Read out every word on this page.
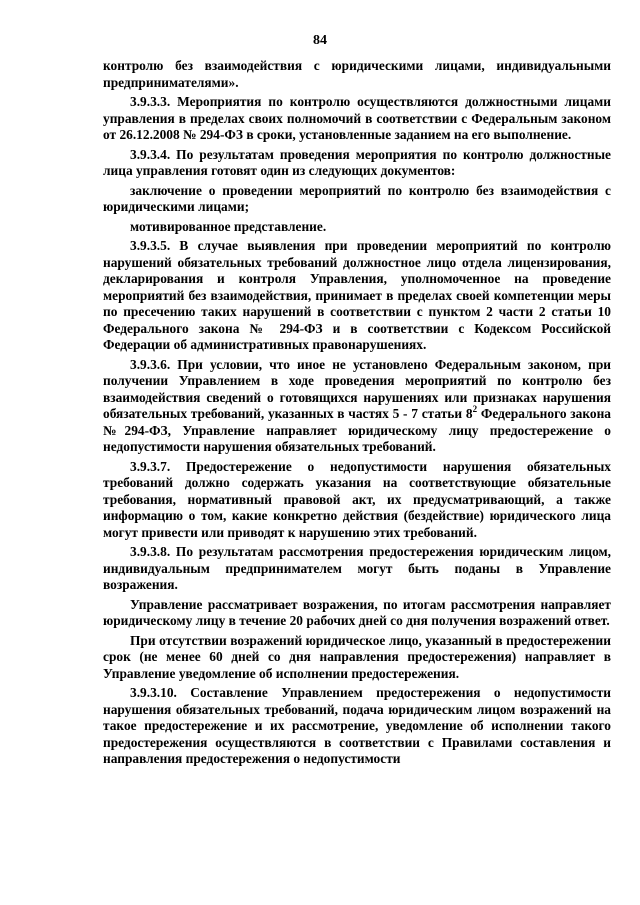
84

контролю без взаимодействия с юридическими лицами, индивидуальными предпринимателями».

3.9.3.3. Мероприятия по контролю осуществляются должностными лицами управления в пределах своих полномочий в соответствии с Федеральным законом от 26.12.2008 № 294-ФЗ в сроки, установленные заданием на его выполнение.

3.9.3.4. По результатам проведения мероприятия по контролю должностные лица управления готовят один из следующих документов:

заключение о проведении мероприятий по контролю без взаимодействия с юридическими лицами;

мотивированное представление.

3.9.3.5. В случае выявления при проведении мероприятий по контролю нарушений обязательных требований должностное лицо отдела лицензирования, декларирования и контроля Управления, уполномоченное на проведение мероприятий без взаимодействия, принимает в пределах своей компетенции меры по пресечению таких нарушений в соответствии с пунктом 2 части 2 статьи 10 Федерального закона № 294-ФЗ и в соответствии с Кодексом Российской Федерации об административных правонарушениях.

3.9.3.6. При условии, что иное не установлено Федеральным законом, при получении Управлением в ходе проведения мероприятий по контролю без взаимодействия сведений о готовящихся нарушениях или признаках нарушения обязательных требований, указанных в частях 5 - 7 статьи $8^2$ Федерального закона №294-ФЗ, Управление направляет юридическому лицу предостережение о недопустимости нарушения обязательных требований.

3.9.3.7. Предостережение о недопустимости нарушения обязательных требований должно содержать указания на соответствующие обязательные требования, нормативный правовой акт, их предусматривающий, а также информацию о том, какие конкретно действия (бездействие) юридического лица могут привести или приводят к нарушению этих требований.

3.9.3.8. По результатам рассмотрения предостережения юридическим лицом, индивидуальным предпринимателем могут быть поданы в Управление возражения.

Управление рассматривает возражения, по итогам рассмотрения направляет юридическому лицу в течение 20 рабочих дней со дня получения возражений ответ.

При отсутствии возражений юридическое лицо, указанный в предостережении срок (не менее 60 дней со дня направления предостережения) направляет в Управление уведомление об исполнении предостережения.

3.9.3.10. Составление Управлением предостережения о недопустимости нарушения обязательных требований, подача юридическим лицом возражений на такое предостережение и их рассмотрение, уведомление об исполнении такого предостережения осуществляются в соответствии с Правилами составления и направления предостережения о недопустимости
